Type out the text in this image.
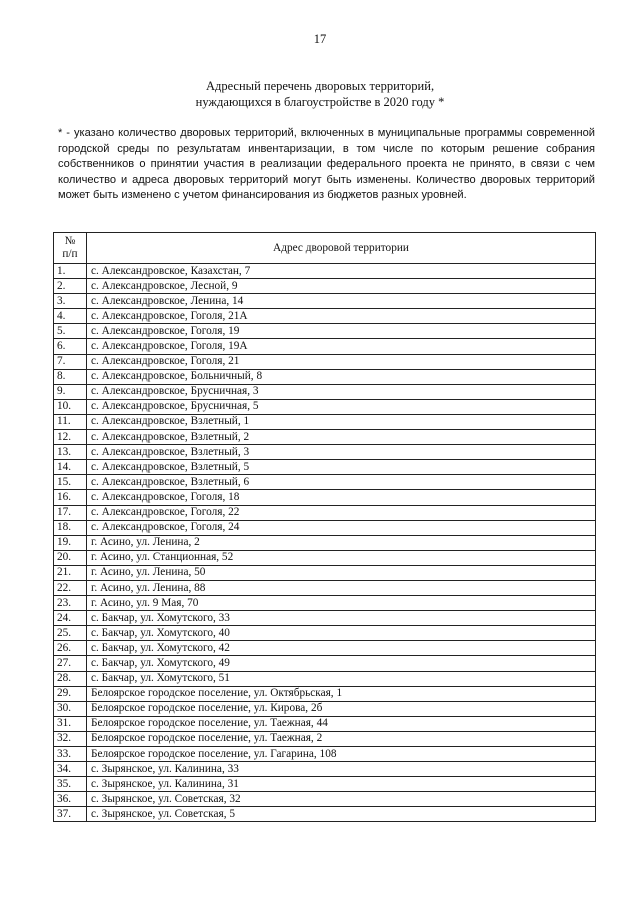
17
Адресный перечень дворовых территорий,
нуждающихся в благоустройстве в 2020 году *
* - указано количество дворовых территорий, включенных в муниципальные программы современной городской среды по результатам инвентаризации, в том числе по которым решение собрания собственников о принятии участия в реализации федерального проекта не принято, в связи с чем количество и адреса дворовых территорий могут быть изменены. Количество дворовых территорий может быть изменено с учетом финансирования из бюджетов разных уровней.
№
п/п	Адрес дворовой территории
1.	с. Александровское, Казахстан, 7
2.	с. Александровское, Лесной, 9
3.	с. Александровское, Ленина, 14
4.	с. Александровское, Гоголя, 21А
5.	с. Александровское, Гоголя, 19
6.	с. Александровское, Гоголя, 19А
7.	с. Александровское, Гоголя, 21
8.	с. Александровское, Больничный, 8
9.	с. Александровское, Брусничная, 3
10.	с. Александровское, Брусничная, 5
11.	с. Александровское, Взлетный, 1
12.	с. Александровское, Взлетный, 2
13.	с. Александровское, Взлетный, 3
14.	с. Александровское, Взлетный, 5
15.	с. Александровское, Взлетный, 6
16.	с. Александровское, Гоголя, 18
17.	с. Александровское, Гоголя, 22
18.	с. Александровское, Гоголя, 24
19.	г. Асино, ул. Ленина, 2
20.	г. Асино, ул. Станционная, 52
21.	г. Асино, ул. Ленина, 50
22.	г. Асино, ул. Ленина, 88
23.	г. Асино, ул. 9 Мая, 70
24.	с. Бакчар, ул. Хомутского, 33
25.	с. Бакчар, ул. Хомутского, 40
26.	с. Бакчар, ул. Хомутского, 42
27.	с. Бакчар, ул. Хомутского, 49
28.	с. Бакчар, ул. Хомутского, 51
29.	Белоярское городское поселение, ул. Октябрьская, 1
30.	Белоярское городское поселение, ул. Кирова, 2б
31.	Белоярское городское поселение, ул. Таежная, 44
32.	Белоярское городское поселение, ул. Таежная, 2
33.	Белоярское городское поселение, ул. Гагарина, 108
34.	с. Зырянское, ул. Калинина, 33
35.	с. Зырянское, ул. Калинина, 31
36.	с. Зырянское, ул. Советская, 32
37.	с. Зырянское, ул. Советская, 5
